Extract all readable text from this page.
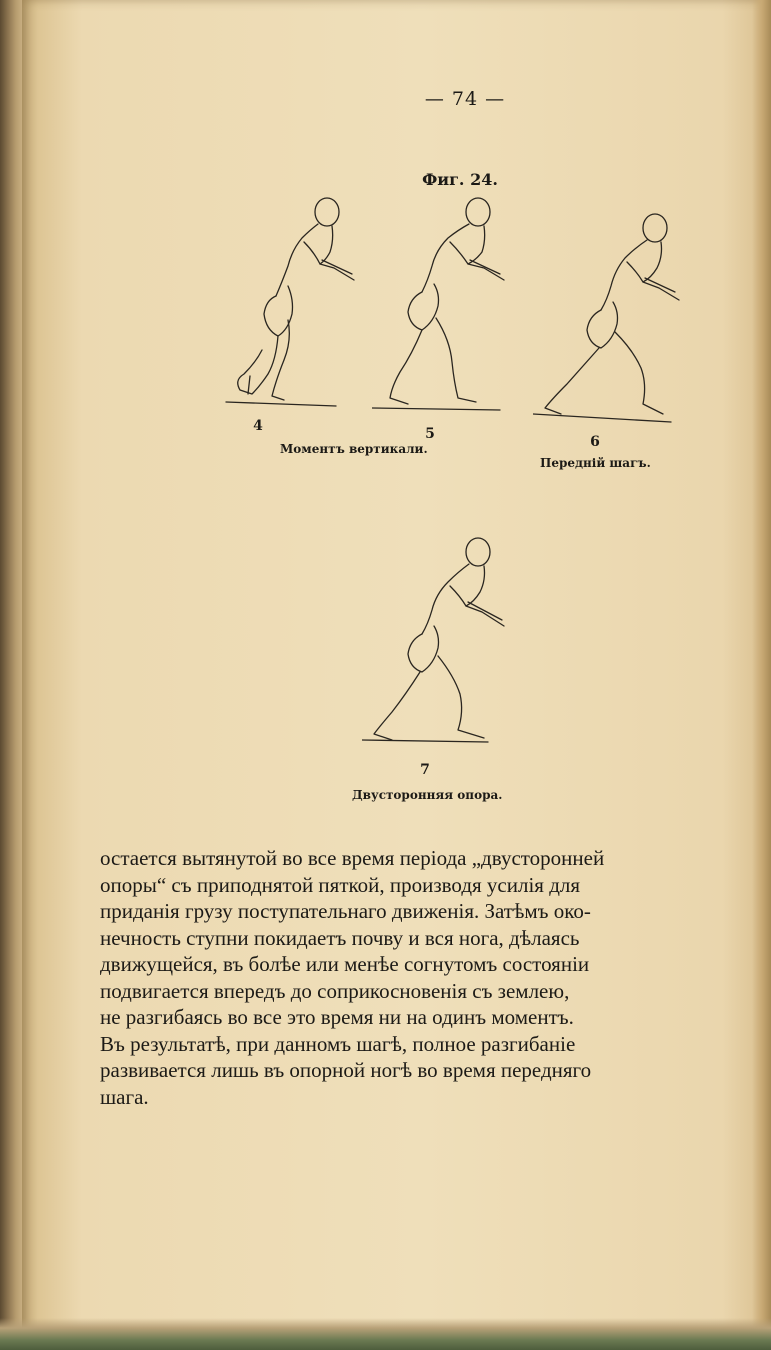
— 74 —
Фиг. 24.
4
Моментъ вертикали.
5	6
Передній шагъ.
7
Двусторонняя опора.
остается вытянутой во все время періода „двусторонней
опоры“ съ приподнятой пяткой, производя усилія для
приданія грузу поступательнаго движенія. Затѣмъ око-
нечность ступни покидаетъ почву и вся нога, дѣлаясь
движущейся, въ болѣе или менѣе согнутомъ состояніи
подвигается впередъ до соприкосновенія съ землею,
не разгибаясь во все это время ни на одинъ моментъ.
Въ результатѣ, при данномъ шагѣ, полное разгибаніе
развивается лишь въ опорной ногѣ во время передняго
шага.
